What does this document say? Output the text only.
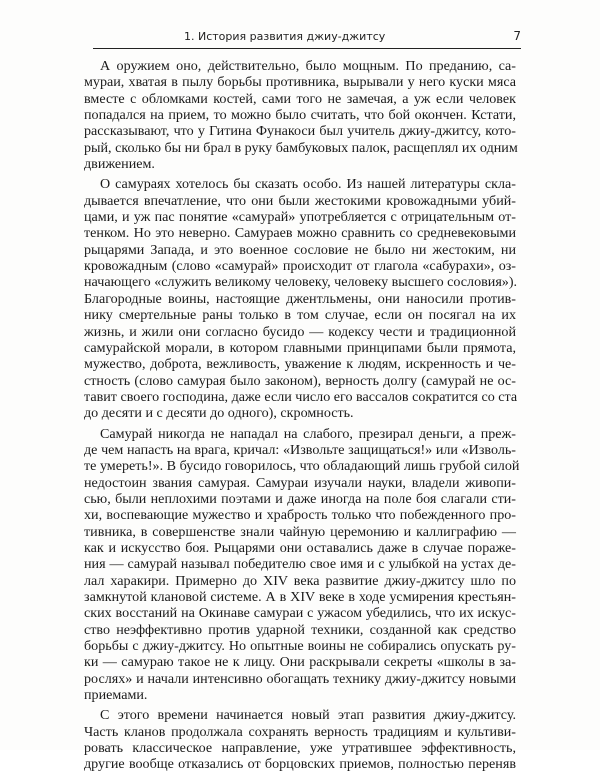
1. История развития джиу-джитсу	7

А оружием оно, действительно, было мощным. По преданию, са-
мураи, хватая в пылу борьбы противника, вырывали у него куски мяса
вместе с обломками костей, сами того не замечая, а уж если человек
попадался на прием, то можно было считать, что бой окончен. Кстати,
рассказывают, что у Гитина Фунакоси был учитель джиу-джитсу, кото-
рый, сколько бы ни брал в руку бамбуковых палок, расщеплял их одним
движением.

О самураях хотелось бы сказать особо. Из нашей литературы скла-
дывается впечатление, что они были жестокими кровожадными убий-
цами, и уж пас понятие «самурай» употребляется с отрицательным от-
тенком. Но это неверно. Самураев можно сравнить со средневековыми
рыцарями Запада, и это военное сословие не было ни жестоким, ни
кровожадным (слово «самурай» происходит от глагола «сабурахи», оз-
начающего «служить великому человеку, человеку высшего сословия»).
Благородные воины, настоящие джентльмены, они наносили против-
нику смертельные раны только в том случае, если он посягал на их
жизнь, и жили они согласно бусидо — кодексу чести и традиционной
самурайской морали, в котором главными принципами были прямота,
мужество, доброта, вежливость, уважение к людям, искренность и че-
стность (слово самурая было законом), верность долгу (самурай не ос-
тавит своего господина, даже если число его вассалов сократится со ста
до десяти и с десяти до одного), скромность.

Самурай никогда не нападал на слабого, презирал деньги, а преж-
де чем напасть на врага, кричал: «Извольте защищаться!» или «Изволь-
те умереть!». В бусидо говорилось, что обладающий лишь грубой силой
недостоин звания самурая. Самураи изучали науки, владели живопи-
сью, были неплохими поэтами и даже иногда на поле боя слагали сти-
хи, воспевающие мужество и храбрость только что побежденного про-
тивника, в совершенстве знали чайную церемонию и каллиграфию —
как и искусство боя. Рыцарями они оставались даже в случае пораже-
ния — самурай называл победителю свое имя и с улыбкой на устах де-
лал харакири. Примерно до XIV века развитие джиу-джитсу шло по
замкнутой клановой системе. А в XIV веке в ходе усмирения крестьян-
ских восстаний на Окинаве самураи с ужасом убедились, что их искус-
ство неэффективно против ударной техники, созданной как средство
борьбы с джиу-джитсу. Но опытные воины не собирались опускать ру-
ки — самураю такое не к лицу. Они раскрывали секреты «школы в за-
рослях» и начали интенсивно обогащать технику джиу-джитсу новыми
приемами.

С этого времени начинается новый этап развития джиу-джитсу.
Часть кланов продолжала сохранять верность традициям и культиви-
ровать классическое направление, уже утратившее эффективность,
другие вообще отказались от борцовских приемов, полностью переняв
